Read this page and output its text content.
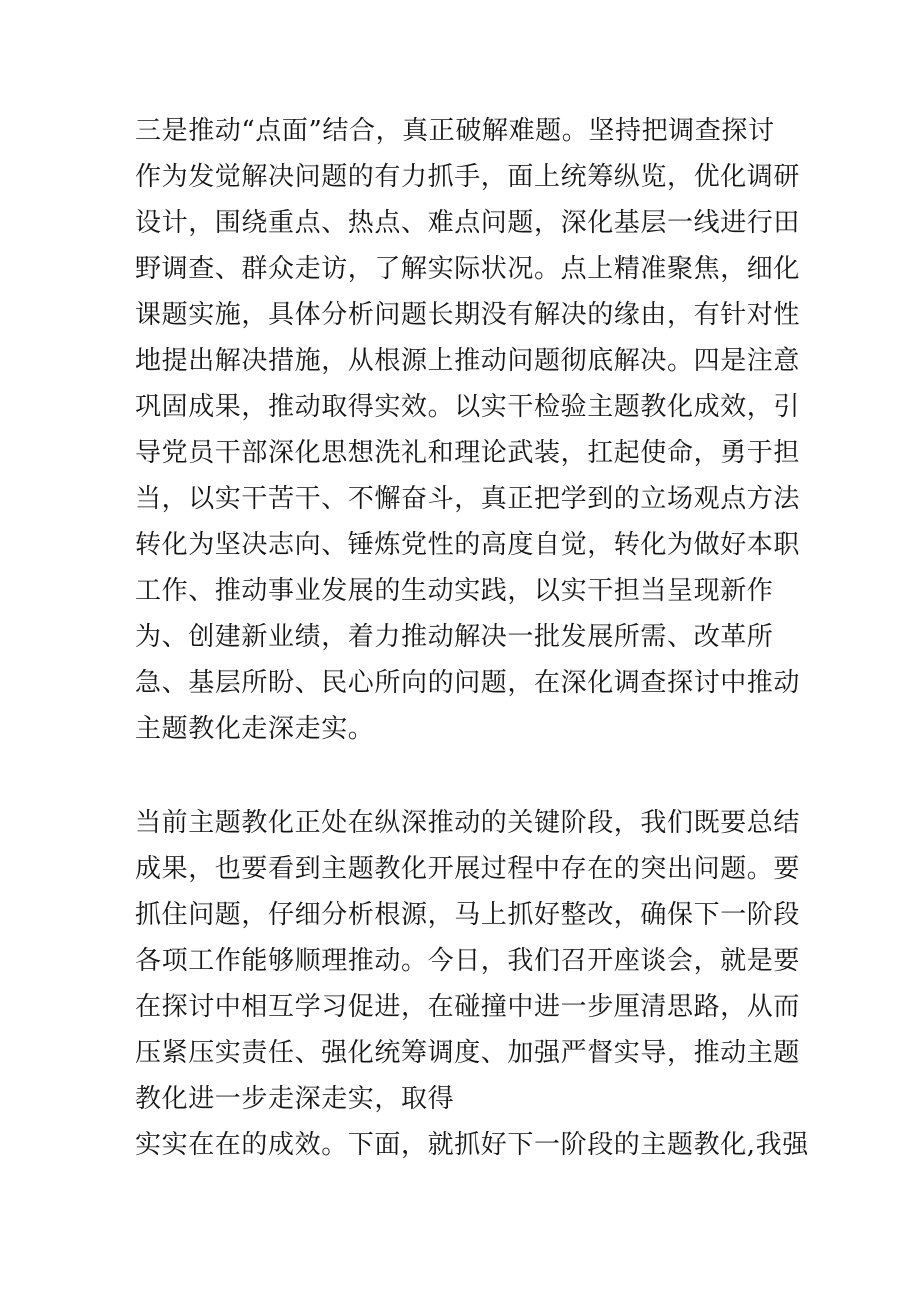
三是推动“点面”结合，真正破解难题。坚持把调查探讨
作为发觉解决问题的有力抓手，面上统筹纵览，优化调研
设计，围绕重点、热点、难点问题，深化基层一线进行田
野调查、群众走访，了解实际状况。点上精准聚焦，细化
课题实施，具体分析问题长期没有解决的缘由，有针对性
地提出解决措施，从根源上推动问题彻底解决。四是注意
巩固成果，推动取得实效。以实干检验主题教化成效，引
导党员干部深化思想洗礼和理论武装，扛起使命，勇于担
当，以实干苦干、不懈奋斗，真正把学到的立场观点方法
转化为坚决志向、锤炼党性的高度自觉，转化为做好本职
工作、推动事业发展的生动实践，以实干担当呈现新作
为、创建新业绩，着力推动解决一批发展所需、改革所
急、基层所盼、民心所向的问题，在深化调查探讨中推动
主题教化走深走实。
当前主题教化正处在纵深推动的关键阶段，我们既要总结
成果，也要看到主题教化开展过程中存在的突出问题。要
抓住问题，仔细分析根源，马上抓好整改，确保下一阶段
各项工作能够顺理推动。今日，我们召开座谈会，就是要
在探讨中相互学习促进，在碰撞中进一步厘清思路，从而
压紧压实责任、强化统筹调度、加强严督实导，推动主题
教化进一步走深走实，取得
实实在在的成效。下面，就抓好下一阶段的主题教化,我强
